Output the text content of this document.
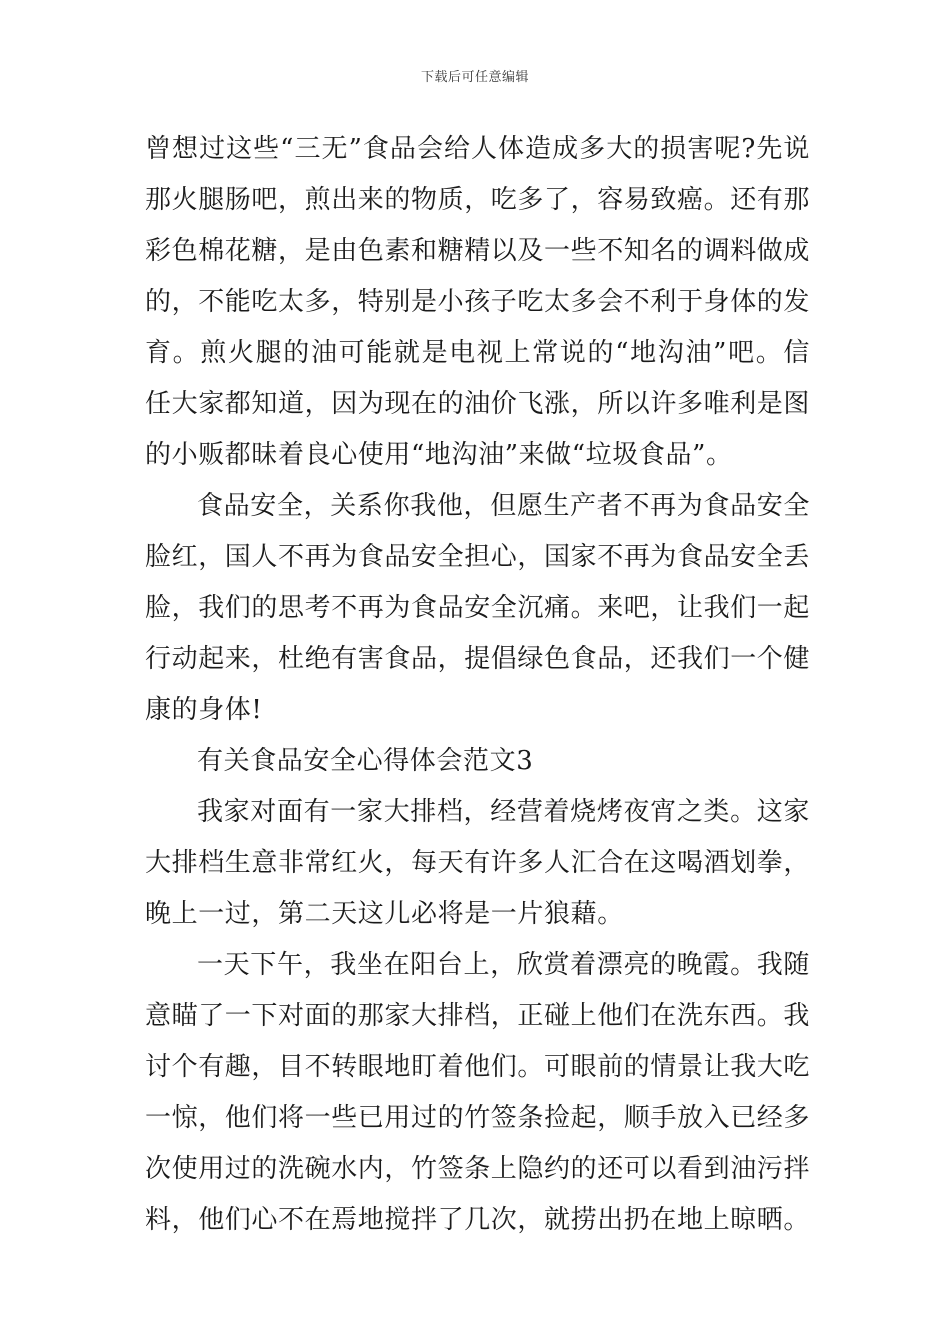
下载后可任意编辑

曾想过这些“三无”食品会给人体造成多大的损害呢?先说那火腿肠吧，煎出来的物质，吃多了，容易致癌。还有那彩色棉花糖，是由色素和糖精以及一些不知名的调料做成的，不能吃太多，特别是小孩子吃太多会不利于身体的发育。煎火腿的油可能就是电视上常说的“地沟油”吧。信任大家都知道，因为现在的油价飞涨，所以许多唯利是图的小贩都昧着良心使用“地沟油”来做“垃圾食品”。

食品安全，关系你我他，但愿生产者不再为食品安全脸红，国人不再为食品安全担心，国家不再为食品安全丢脸，我们的思考不再为食品安全沉痛。来吧，让我们一起行动起来，杜绝有害食品，提倡绿色食品，还我们一个健康的身体!

有关食品安全心得体会范文3

我家对面有一家大排档，经营着烧烤夜宵之类。这家大排档生意非常红火，每天有许多人汇合在这喝酒划拳，晚上一过，第二天这儿必将是一片狼藉。

一天下午，我坐在阳台上，欣赏着漂亮的晚霞。我随意瞄了一下对面的那家大排档，正碰上他们在洗东西。我讨个有趣，目不转眼地盯着他们。可眼前的情景让我大吃一惊，他们将一些已用过的竹签条捡起，顺手放入已经多次使用过的洗碗水内，竹签条上隐约的还可以看到油污拌料，他们心不在焉地搅拌了几次，就捞出扔在地上晾晒。
